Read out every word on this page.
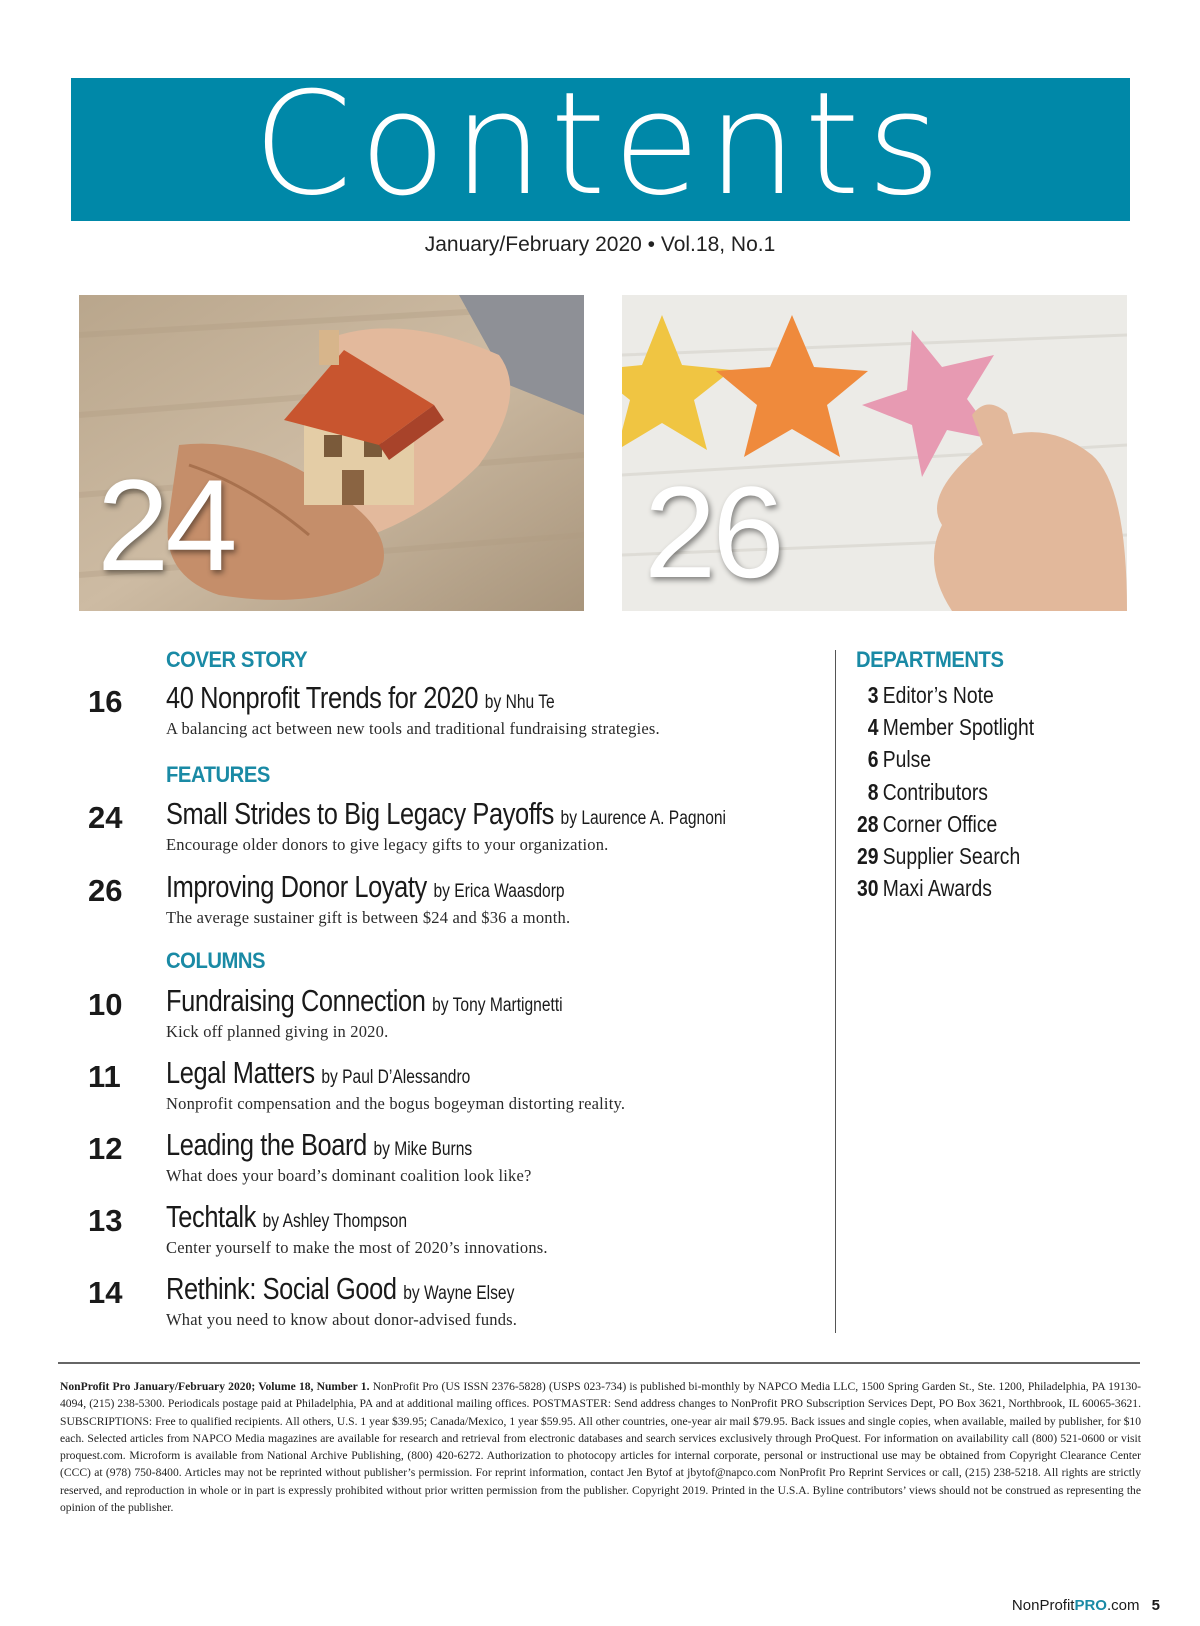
Contents
January/February 2020 • Vol.18, No.1
24	26
COVER STORY
FEATURES
COLUMNS
DEPARTMENTS
16 40 Nonprofit Trends for 2020 by Nhu Te
A balancing act between new tools and traditional fundraising strategies.
24 Small Strides to Big Legacy Payoffs by Laurence A. Pagnoni
Encourage older donors to give legacy gifts to your organization.
26 Improving Donor Loyaty by Erica Waasdorp
The average sustainer gift is between $24 and $36 a month.
10 Fundraising Connection by Tony Martignetti
Kick off planned giving in 2020.
11 Legal Matters by Paul D’Alessandro
Nonprofit compensation and the bogus bogeyman distorting reality.
12 Leading the Board by Mike Burns
What does your board’s dominant coalition look like?
13 Techtalk by Ashley Thompson
Center yourself to make the most of 2020’s innovations.
14 Rethink: Social Good by Wayne Elsey
What you need to know about donor-advised funds.
3 Editor’s Note
4 Member Spotlight
6 Pulse
8 Contributors
28 Corner Office
29 Supplier Search
30 Maxi Awards
NonProfit Pro January/February 2020; Volume 18, Number 1. NonProfit Pro (US ISSN 2376-5828) (USPS 023-734) is published bi-monthly by NAPCO Media LLC, 1500 Spring Garden St., Ste. 1200, Philadelphia, PA 19130-4094, (215) 238-5300. Periodicals postage paid at Philadelphia, PA and at additional mailing offices. POSTMASTER: Send address changes to NonProfit PRO Subscription Services Dept, PO Box 3621, Northbrook, IL 60065-3621. SUBSCRIPTIONS: Free to qualified recipients. All others, U.S. 1 year $39.95; Canada/Mexico, 1 year $59.95. All other countries, one-year air mail $79.95. Back issues and single copies, when available, mailed by publisher, for $10 each. Selected articles from NAPCO Media magazines are available for research and retrieval from electronic databases and search services exclusively through ProQuest. For information on availability call (800) 521-0600 or visit proquest.com. Microform is available from National Archive Publishing, (800) 420-6272. Authorization to photocopy articles for internal corporate, personal or instructional use may be obtained from Copyright Clearance Center (CCC) at (978) 750-8400. Articles may not be reprinted without publisher’s permission. For reprint information, contact Jen Bytof at jbytof@napco.com NonProfit Pro Reprint Services or call, (215) 238-5218. All rights are strictly reserved, and reproduction in whole or in part is expressly prohibited without prior written permission from the publisher. Copyright 2019. Printed in the U.S.A. Byline contributors’ views should not be construed as representing the opinion of the publisher.
NonProfitPRO.com 5
